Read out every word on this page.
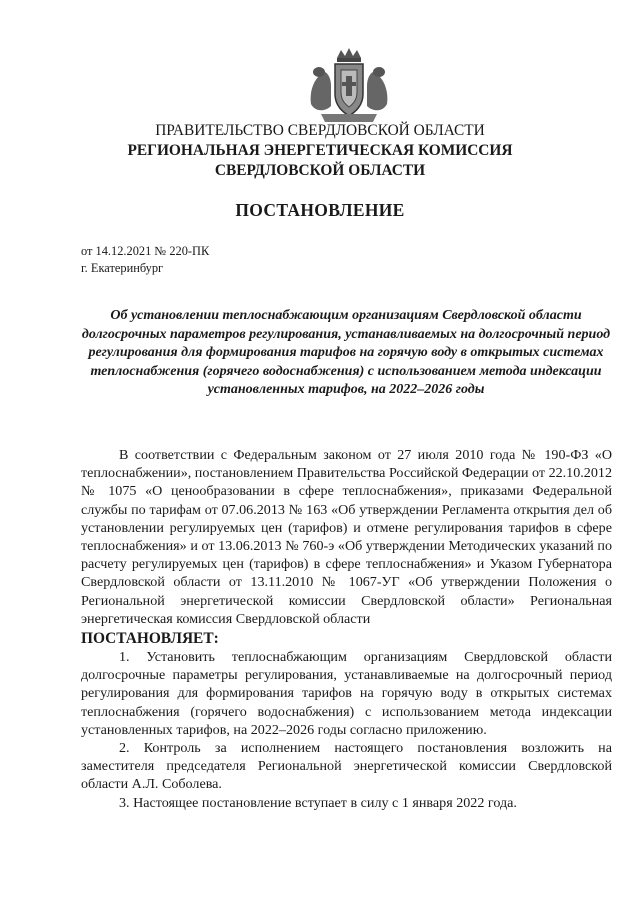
ПРАВИТЕЛЬСТВО СВЕРДЛОВСКОЙ ОБЛАСТИ
РЕГИОНАЛЬНАЯ ЭНЕРГЕТИЧЕСКАЯ КОМИССИЯ
СВЕРДЛОВСКОЙ ОБЛАСТИ
ПОСТАНОВЛЕНИЕ
от 14.12.2021 № 220-ПК
г. Екатеринбург
Об установлении теплоснабжающим организациям Свердловской области долгосрочных параметров регулирования, устанавливаемых на долгосрочный период регулирования для формирования тарифов на горячую воду в открытых системах теплоснабжения (горячего водоснабжения) с использованием метода индексации установленных тарифов, на 2022–2026 годы

В соответствии с Федеральным законом от 27 июля 2010 года № 190-ФЗ «О теплоснабжении», постановлением Правительства Российской Федерации от 22.10.2012 № 1075 «О ценообразовании в сфере теплоснабжения», приказами Федеральной службы по тарифам от 07.06.2013 № 163 «Об утверждении Регламента открытия дел об установлении регулируемых цен (тарифов) и отмене регулирования тарифов в сфере теплоснабжения» и от 13.06.2013 № 760-э «Об утверждении Методических указаний по расчету регулируемых цен (тарифов) в сфере теплоснабжения» и Указом Губернатора Свердловской области от 13.11.2010 № 1067-УГ «Об утверждении Положения о Региональной энергетической комиссии Свердловской области» Региональная энергетическая комиссия Свердловской области

ПОСТАНОВЛЯЕТ:

1. Установить теплоснабжающим организациям Свердловской области долгосрочные параметры регулирования, устанавливаемые на долгосрочный период регулирования для формирования тарифов на горячую воду в открытых системах теплоснабжения (горячего водоснабжения) с использованием метода индексации установленных тарифов, на 2022–2026 годы согласно приложению.

2. Контроль за исполнением настоящего постановления возложить на заместителя председателя Региональной энергетической комиссии Свердловской области А.Л. Соболева.

3. Настоящее постановление вступает в силу с 1 января 2022 года.
